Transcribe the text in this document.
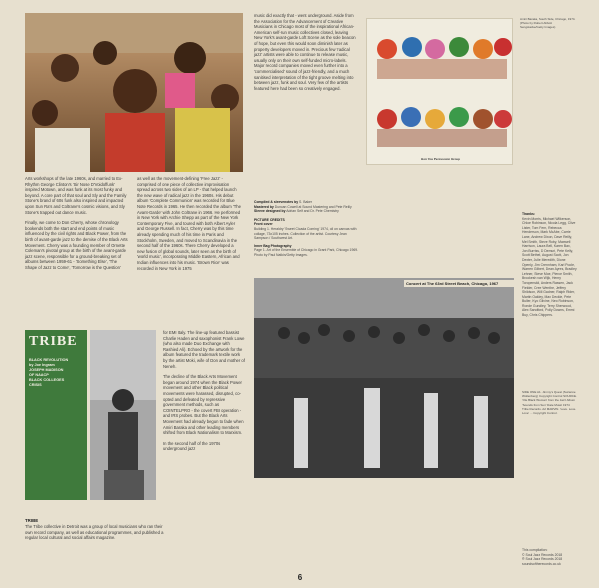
Arts workshops of the late 1960s, and married to Ex-Rhythm George Clinton's 'Sir Nose D'Voidoffunk' inspired Motown, and was funk at its most funky and beyond. A core part of that soul and Sly and the Family Stone's brand of 60s funk also inspired and impacted upon Sun Ra's and Coltrane's cosmic visions, and Sly Stone's trapped out dance music.

Finally, we come to Don Cherry, whose chronology bookends both the start and end points of music influenced by the civil rights and Black Power, from the birth of avant-garde jazz to the demise of the Black Arts Movement. Cherry was a founding member of Ornette Coleman's pivotal group at the birth of the avant-garde jazz scene, responsible for a ground-breaking set of albums between 1959-61 - 'Something Else', 'The Shape of Jazz to Come', 'Tomorrow is the Question'

as well as the movement-defining 'Free Jazz' - comprised of one piece of collective improvisation spread across two sides of an LP - that helped launch the new wave of radical jazz in the 1960s. His debut album 'Complete Communion' was recorded for Blue Note Records in 1965. He then recorded the album 'The Avant-Garde' with John Coltrane in 1966. He performed in New York with Archie Shepp as part of the New York Contemporary Five, and toured with both Albert Ayler and George Russell. In fact, Cherry was by this time already spending much of his time in Paris and Stockholm, Sweden, and moved to Scandinavia in the second half of the 1960s. There Cherry developed a new fusion of global sounds, later seen as the birth of 'world music', incorporating Middle Eastern, African and Indian influences into his music. 'Brown Rice' was recorded in New York in 1975

music did exactly that - went underground. Aside from the Association for the Advancement of Creative Musicians in Chicago most of the inspirational African-American self-run music collectives closed, leaving New York's avant-garde Loft Scene as the sole beacon of hope, but even this would soon diminish later as property developers moved in. Precious few 'radical jazz' artists were able to continue to release music, usually only on their own self-funded micro-labels. Major record companies moved even further into a 'commercialised' sound of jazz-friendly, and a much sanitised interpretation of the tight groove melting into between jazz, funk and soul. Very few of the artists featured here had been so creatively engaged.

Compiled & sleevenotes by S. Baker

Mastered by Duncan Cowell at Sound Mastering and Pete Reilly

Sleeve designed by Adrian Self and Dr. Pete Chemistry

PICTURE CREDITS

Front cover

Building 1. Heraldry 'Sweet Cicada Coming' 1974, oil on canvas with collage, 73x105 inches. Collection of the artist. Courtesy Jean Sampson / Southwest Art.

Inner Bag Photography

Page 1. Art of the Ensemble of Chicago in Grant Park, Chicago 1969. Photo by Paul Natkin/Getty Images.

Hon You Percussion Group

Amiri Baraka, South Side, Chicago, 1974. (Photo by Robert Abbott Sengstacke/Getty Images)

Concert at The 63rd Street Beach, Chicago, 1967
TRIBE
BLACK REVOLUTION
by Joe Ingram
JOSEPH MADISON
OF NAACP
BLACK COLLEGES
CRISIS

TRIBE

The Tribe collective in Detroit was a group of local musicians who ran their own record company, as well as educational programmes, and published a regular local cultural and social affairs magazine.

for EMI Italy. The line-up featured bassist Charlie Haden and saxophonist Frank Lowe (who also made Duo Exchange with Rashied Ali). Echoed by the artwork for the album featured the trademark textile work by the artist Moki, wife of Don and mother of Neneh.

The decline of the Black Arts Movement began around 1974 when the Black Power movement and other Black political movements were harassed, disrupted, co-opted and defeated by repressive government methods, such as COINTELPRO - the covert FBI operation - and IRS probes. But the Black Arts Movement had already begun to fade when Amiri Baraka and other leading members shifted from Black Nationalism to Marxism.

In the second half of the 1970s underground jazz

Thanks:

Kevin Morris, Michael Wilkerson, Chloe Robinson, Nicola Legg, Clive Lister, Tom Fern, Rebecca Henderson, Mark McAbe, Carrie Lane, Andrew Dixon, Dave Reilly, Mel Smith, Steve Roby, Maxwell Harrison, Laura Bell, Karen Bax, Jon Burriss, D Demuri, Pete Kelly, Scott Bethel, August Scott, Jon Dexter, Julie Meredith, Dione Openly, Jim Crennham, Karl Poole, Warren Gilbert, Dean Ayres, Bradley Lehner, Steve Moe, Pierce Smith, Brookesh van Wijk, Henry Toropenskii, Anders Rassen, Jack Fielder, Cree Wenthe, Jeffery Shildson, Will Gadner, Ralph Rider, Martin Oakley, Max Deckle, Pete Buller, Kyo Gilvine, Neo Robinson, Ronde Gundley, Terry Sherwood, Alex Sandford, Polly Downs, Emmi Buy, Chris Chippers.

SIDE ONE A1. Jimmy's Quest (Suzanne Wollenberg) Copyright Control SOURCE. 'Ole Black Woman' from the Jazz Album 'Sounds from Sun' Date Music 1974 Tribe Records. A2 MARVIN. 'Love. Love. Love' ... Copyright Control.

This compilation:

© Soul Jazz Records 2018

® Soul Jazz Records 2018

soundsoftherecords.co.uk

6
